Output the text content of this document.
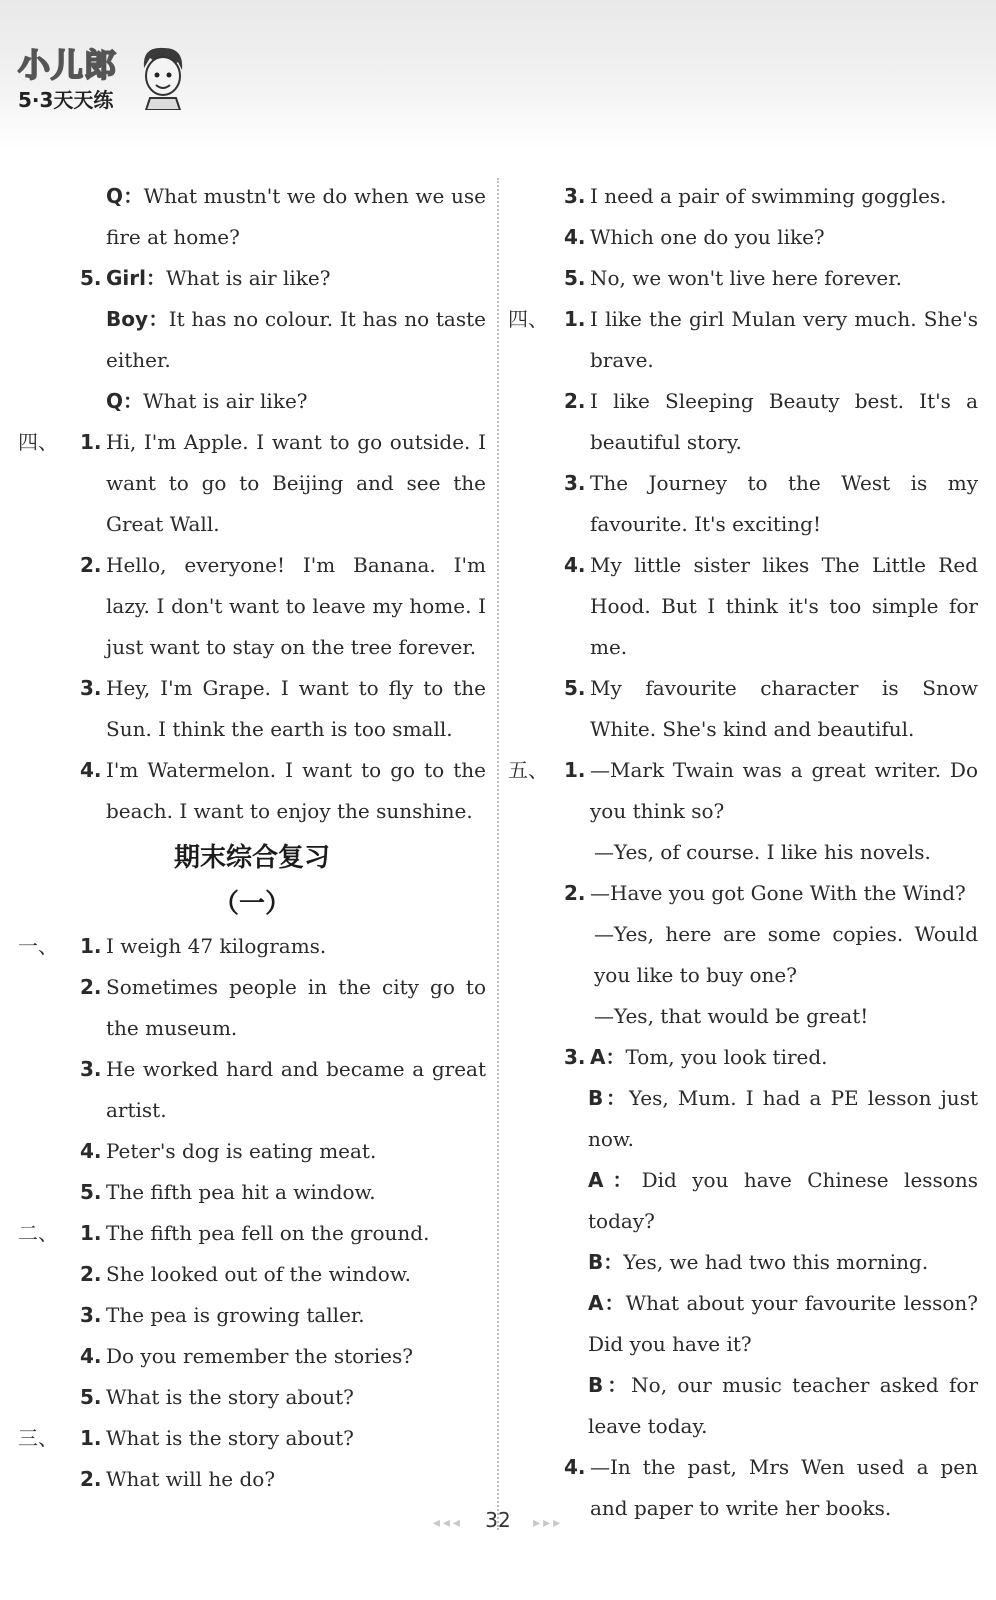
小儿郎
5·3天天练
Q：What mustn't we do when we use fire at home?
5. Girl：What is air like?
Boy：It has no colour. It has no taste either.
Q：What is air like?
四、 1. Hi, I'm Apple. I want to go outside. I want to go to Beijing and see the Great Wall.
2. Hello, everyone! I'm Banana. I'm lazy. I don't want to leave my home. I just want to stay on the tree forever.
3. Hey, I'm Grape. I want to fly to the Sun. I think the earth is too small.
4. I'm Watermelon. I want to go to the beach. I want to enjoy the sunshine.
期末综合复习
（一）
一、 1. I weigh 47 kilograms.
2. Sometimes people in the city go to the museum.
3. He worked hard and became a great artist.
4. Peter's dog is eating meat.
5. The fifth pea hit a window.
二、 1. The fifth pea fell on the ground.
2. She looked out of the window.
3. The pea is growing taller.
4. Do you remember the stories?
5. What is the story about?
三、 1. What is the story about?
2. What will he do?
3. I need a pair of swimming goggles.
4. Which one do you like?
5. No, we won't live here forever.
四、 1. I like the girl Mulan very much. She's brave.
2. I like Sleeping Beauty best. It's a beautiful story.
3. The Journey to the West is my favourite. It's exciting!
4. My little sister likes The Little Red Hood. But I think it's too simple for me.
5. My favourite character is Snow White. She's kind and beautiful.
五、 1. —Mark Twain was a great writer. Do you think so?
—Yes, of course. I like his novels.
2. —Have you got Gone With the Wind?
—Yes, here are some copies. Would you like to buy one?
—Yes, that would be great!
3. A：Tom, you look tired.
B：Yes, Mum. I had a PE lesson just now.
A：Did you have Chinese lessons today?
B：Yes, we had two this morning.
A：What about your favourite lesson? Did you have it?
B：No, our music teacher asked for leave today.
4. —In the past, Mrs Wen used a pen and paper to write her books.
◂◂◂ 32 ▸▸▸
